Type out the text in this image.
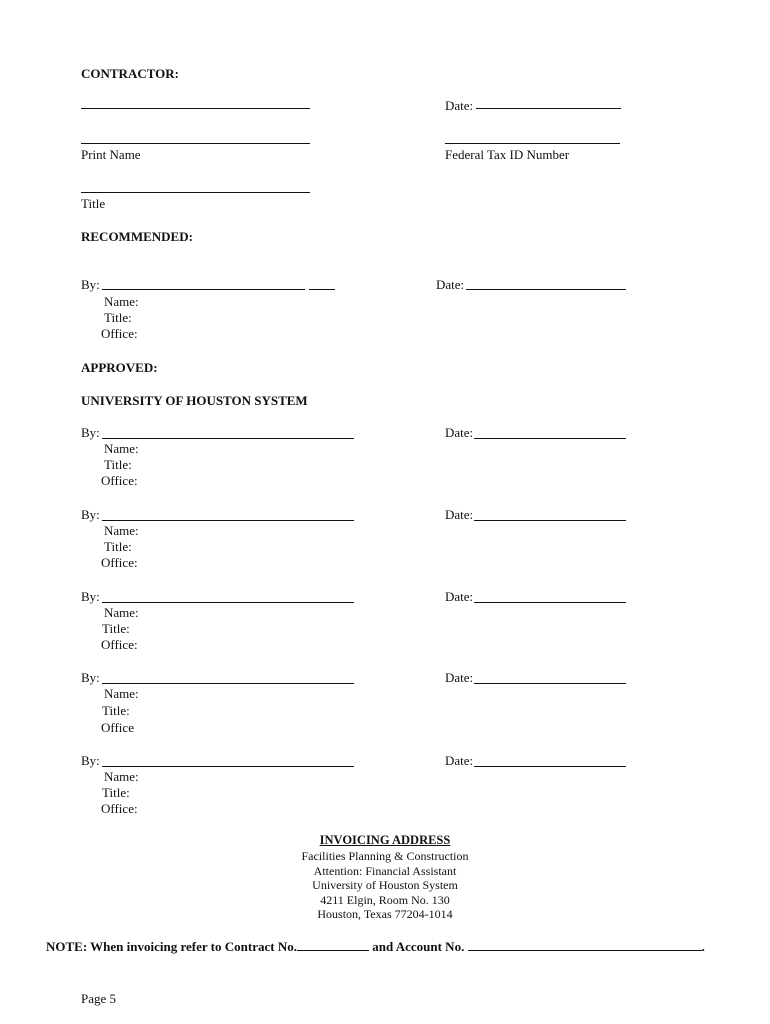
CONTRACTOR:
Date:
Print Name	Federal Tax ID Number
Title
RECOMMENDED:
By:	Date:
Name:
Title:
Office:
APPROVED:
UNIVERSITY OF HOUSTON SYSTEM
By:	Date:
Name:
Title:
Office:
By:	Date:
Name:
Title:
Office:
By:	Date:
Name:
Title:
Office:
By:	Date:
Name:
Title:
Office
By:	Date:
Name:
Title:
Office:
INVOICING ADDRESS
Facilities Planning & Construction
Attention: Financial Assistant
University of Houston System
4211 Elgin, Room No. 130
Houston, Texas 77204-1014
NOTE: When invoicing refer to Contract No.	and Account No.	.
Page 5
